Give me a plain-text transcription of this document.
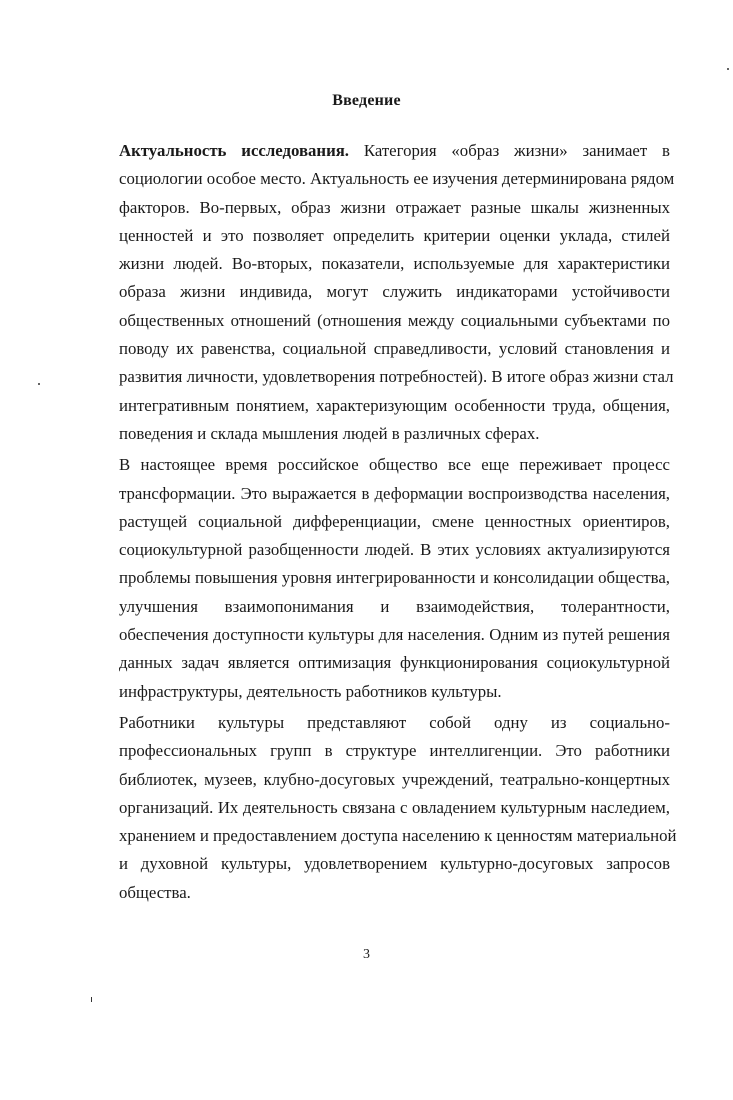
Введение
Актуальность исследования. Категория «образ жизни» занимает в
социологии особое место. Актуальность ее изучения детерминирована рядом
факторов. Во-первых, образ жизни отражает разные шкалы жизненных
ценностей и это позволяет определить критерии оценки уклада, стилей
жизни людей. Во-вторых, показатели, используемые для характеристики
образа жизни индивида, могут служить индикаторами устойчивости
общественных отношений (отношения между социальными субъектами по
поводу их равенства, социальной справедливости, условий становления и
развития личности, удовлетворения потребностей). В итоге образ жизни стал
интегративным понятием, характеризующим особенности труда, общения,
поведения и склада мышления людей в различных сферах.
В настоящее время российское общество все еще переживает процесс
трансформации. Это выражается в деформации воспроизводства населения,
растущей социальной дифференциации, смене ценностных ориентиров,
социокультурной разобщенности людей. В этих условиях актуализируются
проблемы повышения уровня интегрированности и консолидации общества,
улучшения взаимопонимания и взаимодействия, толерантности,
обеспечения доступности культуры для населения. Одним из путей решения
данных задач является оптимизация функционирования социокультурной
инфраструктуры, деятельность работников культуры.
Работники культуры представляют собой одну из социально-
профессиональных групп в структуре интеллигенции. Это работники
библиотек, музеев, клубно-досуговых учреждений, театрально-концертных
организаций. Их деятельность связана с овладением культурным наследием,
хранением и предоставлением доступа населению к ценностям материальной
и духовной культуры, удовлетворением культурно-досуговых запросов
общества.
3
